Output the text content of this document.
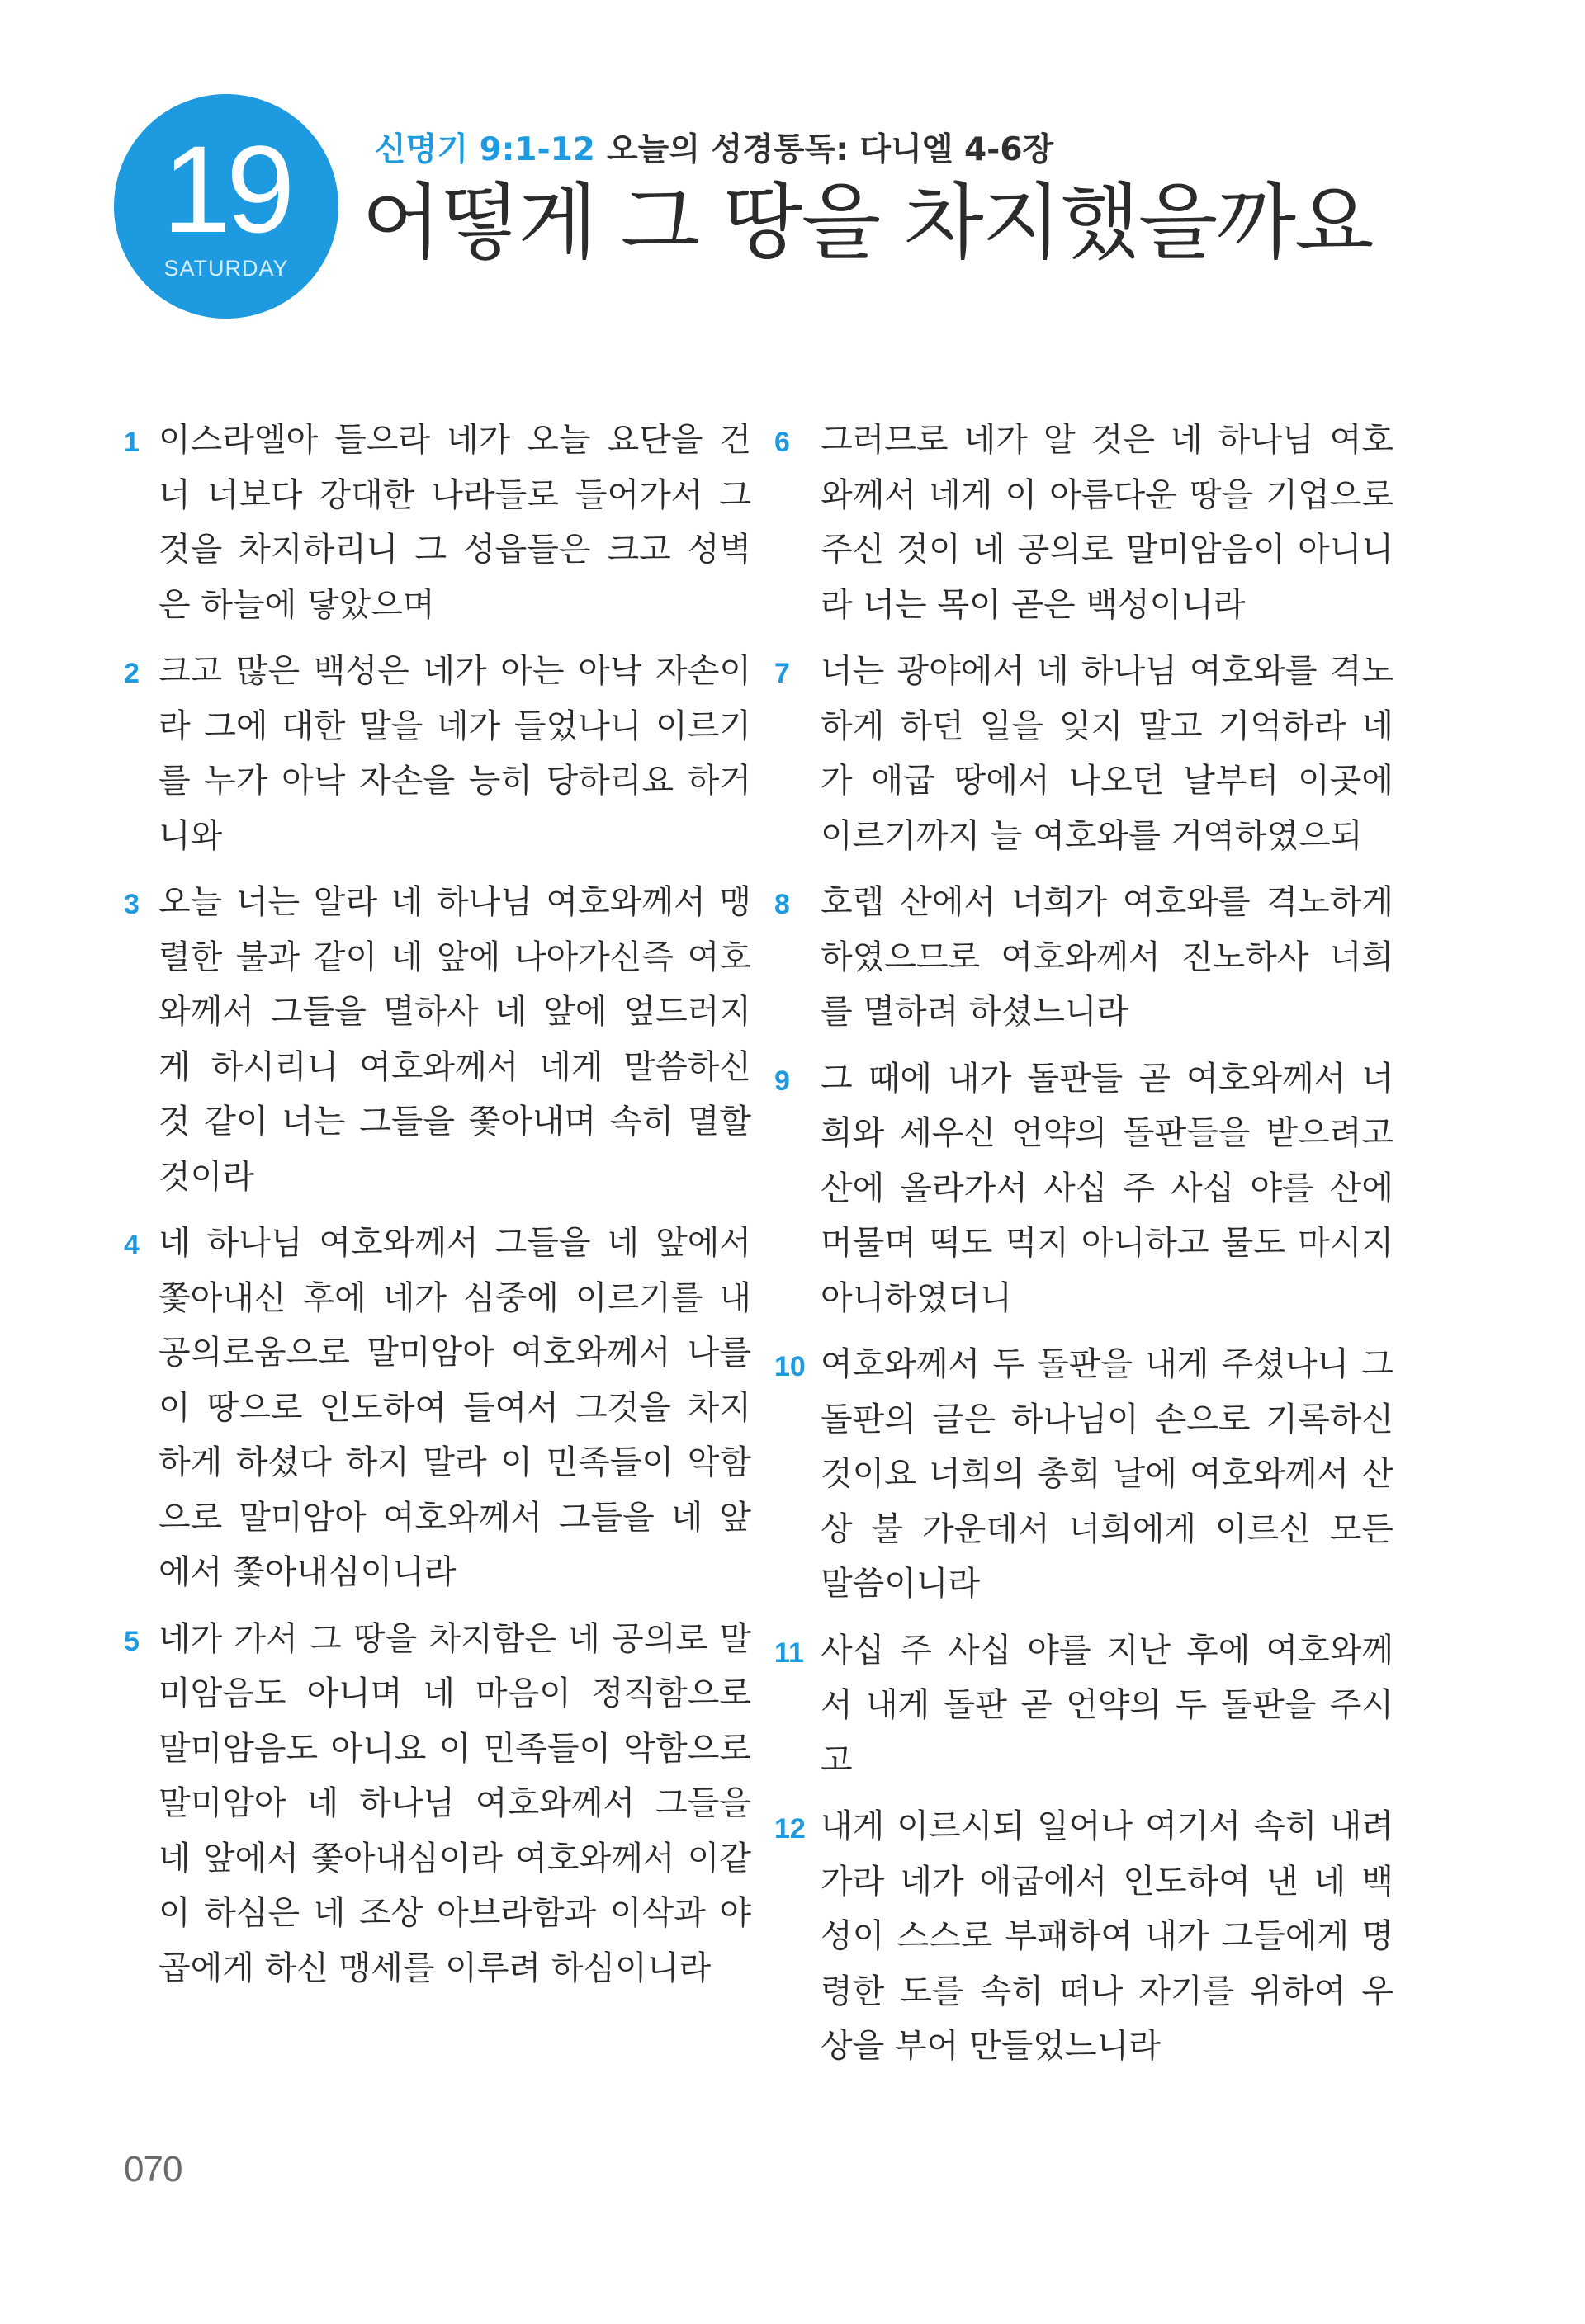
19
SATURDAY
신명기 9:1-12 오늘의 성경통독: 다니엘 4-6장
어떻게 그 땅을 차지했을까요
1 이스라엘아 들으라 네가 오늘 요단을 건너 너보다 강대한 나라들로 들어가서 그것을 차지하리니 그 성읍들은 크고 성벽은 하늘에 닿았으며
2 크고 많은 백성은 네가 아는 아낙 자손이라 그에 대한 말을 네가 들었나니 이르기를 누가 아낙 자손을 능히 당하리요 하거니와
3 오늘 너는 알라 네 하나님 여호와께서 맹렬한 불과 같이 네 앞에 나아가신즉 여호와께서 그들을 멸하사 네 앞에 엎드러지게 하시리니 여호와께서 네게 말씀하신 것 같이 너는 그들을 쫓아내며 속히 멸할 것이라
4 네 하나님 여호와께서 그들을 네 앞에서 쫓아내신 후에 네가 심중에 이르기를 내 공의로움으로 말미암아 여호와께서 나를 이 땅으로 인도하여 들여서 그것을 차지하게 하셨다 하지 말라 이 민족들이 악함으로 말미암아 여호와께서 그들을 네 앞에서 쫓아내심이니라
5 네가 가서 그 땅을 차지함은 네 공의로 말미암음도 아니며 네 마음이 정직함으로 말미암음도 아니요 이 민족들이 악함으로 말미암아 네 하나님 여호와께서 그들을 네 앞에서 쫓아내심이라 여호와께서 이같이 하심은 네 조상 아브라함과 이삭과 야곱에게 하신 맹세를 이루려 하심이니라
6 그러므로 네가 알 것은 네 하나님 여호와께서 네게 이 아름다운 땅을 기업으로 주신 것이 네 공의로 말미암음이 아니니라 너는 목이 곧은 백성이니라
7 너는 광야에서 네 하나님 여호와를 격노하게 하던 일을 잊지 말고 기억하라 네가 애굽 땅에서 나오던 날부터 이곳에 이르기까지 늘 여호와를 거역하였으되
8 호렙 산에서 너희가 여호와를 격노하게 하였으므로 여호와께서 진노하사 너희를 멸하려 하셨느니라
9 그 때에 내가 돌판들 곧 여호와께서 너희와 세우신 언약의 돌판들을 받으려고 산에 올라가서 사십 주 사십 야를 산에 머물며 떡도 먹지 아니하고 물도 마시지 아니하였더니
10 여호와께서 두 돌판을 내게 주셨나니 그 돌판의 글은 하나님이 손으로 기록하신 것이요 너희의 총회 날에 여호와께서 산상 불 가운데서 너희에게 이르신 모든 말씀이니라
11 사십 주 사십 야를 지난 후에 여호와께서 내게 돌판 곧 언약의 두 돌판을 주시고
12 내게 이르시되 일어나 여기서 속히 내려가라 네가 애굽에서 인도하여 낸 네 백성이 스스로 부패하여 내가 그들에게 명령한 도를 속히 떠나 자기를 위하여 우상을 부어 만들었느니라
070
